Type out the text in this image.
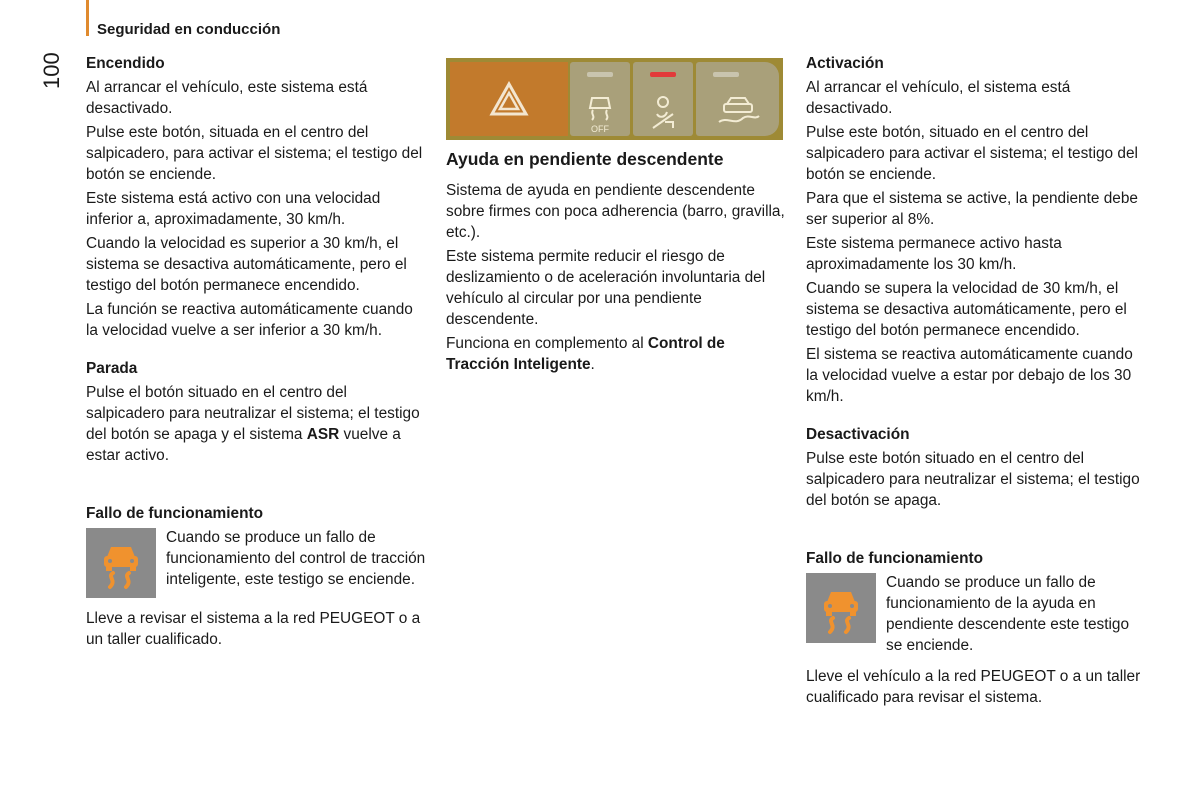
Seguridad en conducción
100	Encendido

Al arrancar el vehículo, este sistema está desactivado.

Pulse este botón, situada en el centro del salpicadero, para activar el sistema; el testigo del botón se enciende.

Este sistema está activo con una velocidad inferior a, aproximadamente, 30 km/h.

Cuando la velocidad es superior a 30 km/h, el sistema se desactiva automáticamente, pero el testigo del botón permanece encendido.

La función se reactiva automáticamente cuando la velocidad vuelve a ser inferior a 30 km/h.

Parada

Pulse el botón situado en el centro del salpicadero para neutralizar el sistema; el testigo del botón se apaga y el sistema ASR vuelve a estar activo.

Fallo de funcionamiento
Cuando se produce un fallo de funcionamiento del control de tracción inteligente, este testigo se enciende.

Lleve a revisar el sistema a la red PEUGEOT o a un taller cualificado.

OFF
Ayuda en pendiente descendente

Sistema de ayuda en pendiente descendente sobre firmes con poca adherencia (barro, gravilla, etc.).

Este sistema permite reducir el riesgo de deslizamiento o de aceleración involuntaria del vehículo al circular por una pendiente descendente.

Funciona en complemento al Control de Tracción Inteligente.

Activación

Al arrancar el vehículo, el sistema está desactivado.

Pulse este botón, situado en el centro del salpicadero para activar el sistema; el testigo del botón se enciende.

Para que el sistema se active, la pendiente debe ser superior al 8%.

Este sistema permanece activo hasta aproximadamente los 30 km/h.

Cuando se supera la velocidad de 30 km/h, el sistema se desactiva automáticamente, pero el testigo del botón permanece encendido.

El sistema se reactiva automáticamente cuando la velocidad vuelve a estar por debajo de los 30 km/h.

Desactivación

Pulse este botón situado en el centro del salpicadero para neutralizar el sistema; el testigo del botón se apaga.

Fallo de funcionamiento
Cuando se produce un fallo de funcionamiento de la ayuda en pendiente descendente este testigo se enciende.

Lleve el vehículo a la red PEUGEOT o a un taller cualificado para revisar el sistema.
